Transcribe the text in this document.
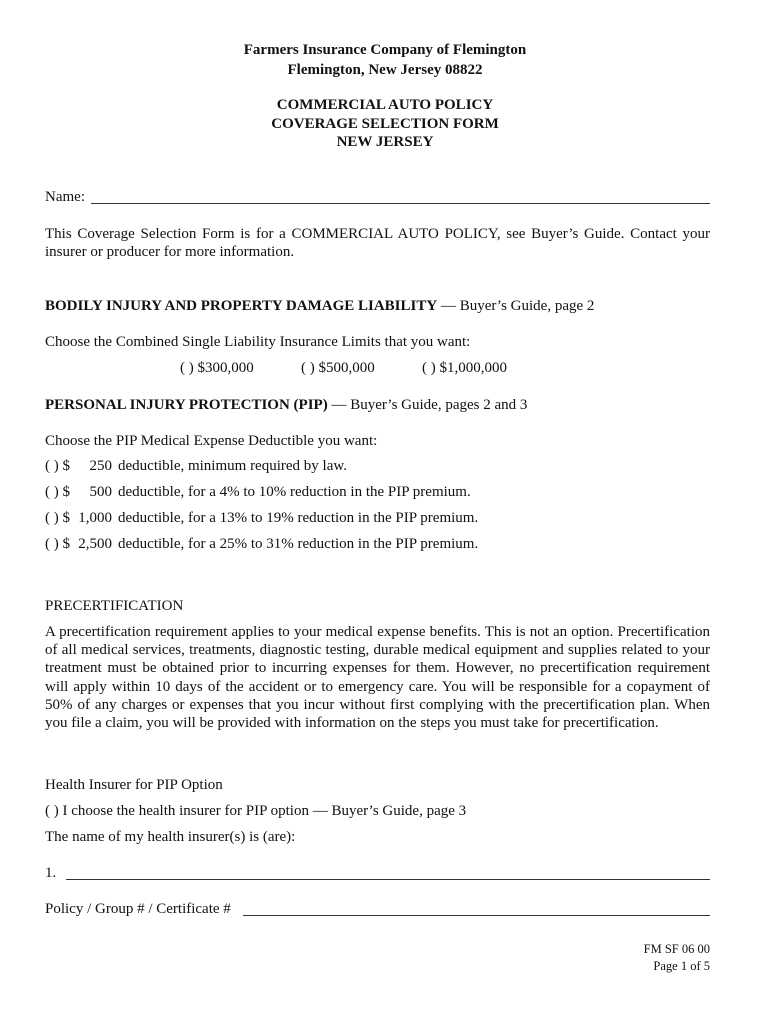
Farmers Insurance Company of Flemington
Flemington, New Jersey 08822
COMMERCIAL AUTO POLICY
COVERAGE SELECTION FORM
NEW JERSEY
Name:
This Coverage Selection Form is for a COMMERCIAL AUTO POLICY, see Buyer’s Guide. Contact your
insurer or producer for more information.
BODILY INJURY AND PROPERTY DAMAGE LIABILITY — Buyer’s Guide, page 2
Choose the Combined Single Liability Insurance Limits that you want:
( ) $300,000	( ) $500,000	( ) $1,000,000
PERSONAL INJURY PROTECTION (PIP) — Buyer’s Guide, pages 2 and 3
Choose the PIP Medical Expense Deductible you want:
( ) $ 250 deductible, minimum required by law.
( ) $ 500 deductible, for a 4% to 10% reduction in the PIP premium.
( ) $ 1,000 deductible, for a 13% to 19% reduction in the PIP premium.
( ) $ 2,500 deductible, for a 25% to 31% reduction in the PIP premium.
PRECERTIFICATION
A precertification requirement applies to your medical expense benefits. This is not an option. Precertification of all medical services, treatments, diagnostic testing, durable medical equipment and supplies related to your treatment must be obtained prior to incurring expenses for them. However, no precertification requirement will apply within 10 days of the accident or to emergency care. You will be responsible for a copayment of 50% of any charges or expenses that you incur without first complying with the precertification plan. When you file a claim, you will be provided with information on the steps you must take for precertification.
Health Insurer for PIP Option
( ) I choose the health insurer for PIP option — Buyer’s Guide, page 3
The name of my health insurer(s) is (are):
1.
Policy / Group # / Certificate #
FM SF 06 00
Page 1 of 5
